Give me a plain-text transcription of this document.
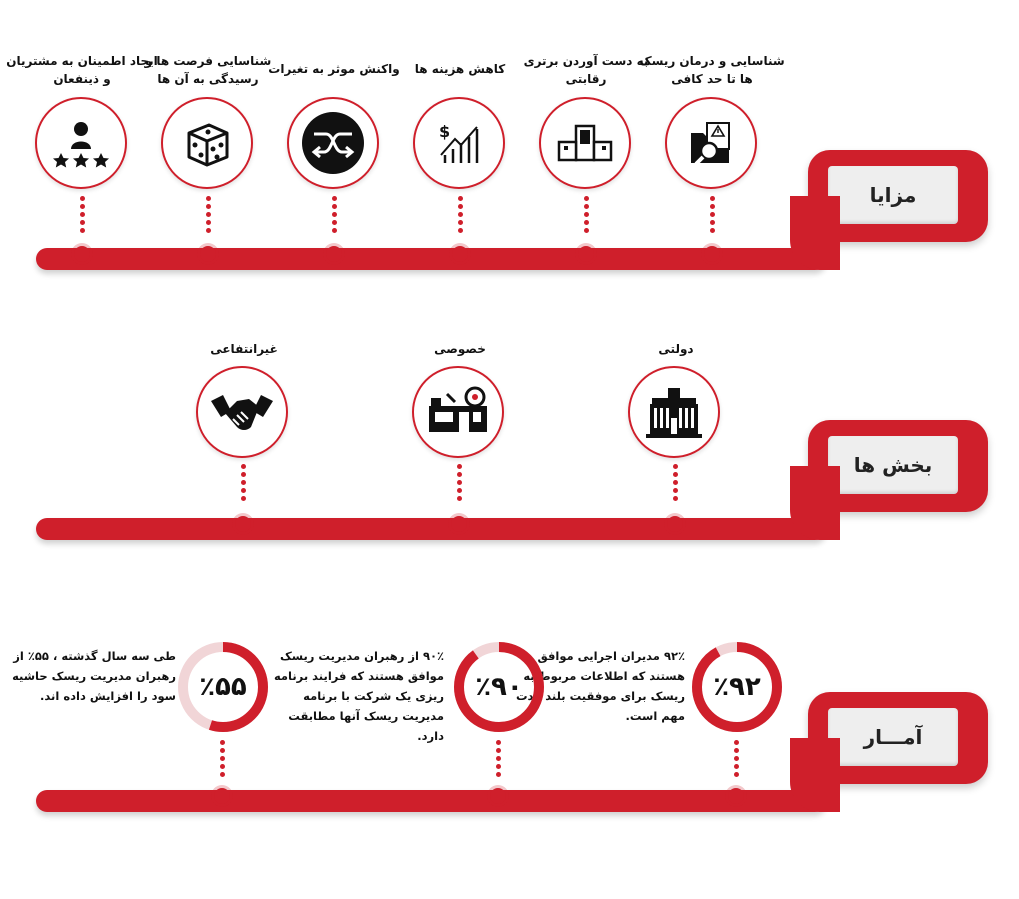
مزایا
شناسایی و درمان ریسک ها تا حد کافی
به دست آوردن برتری رقابتی
کاهش هزینه ها
$
واکنش موثر به تغیرات
شناسایی فرصت ها و رسیدگی به آن ها
ایجاد اطمینان به مشتریان و ذینفعان
بخش ها
دولتی
خصوصی
غیرانتفاعی
آمـــار
٪۹۲
۹۲٪ مدیران اجرایی موافق هستند که اطلاعات مربوط به ریسک برای موفقیت بلند مدت مهم است.
٪۹۰
۹۰٪ از رهبران مدیریت ریسک موافق هستند که فرایند برنامه ریزی یک شرکت با برنامه مدیریت ریسک آنها مطابقت دارد.
٪۵۵
طی سه سال گذشته ، ۵۵٪ از رهبران مدیریت ریسک حاشیه سود را افزایش داده اند.
